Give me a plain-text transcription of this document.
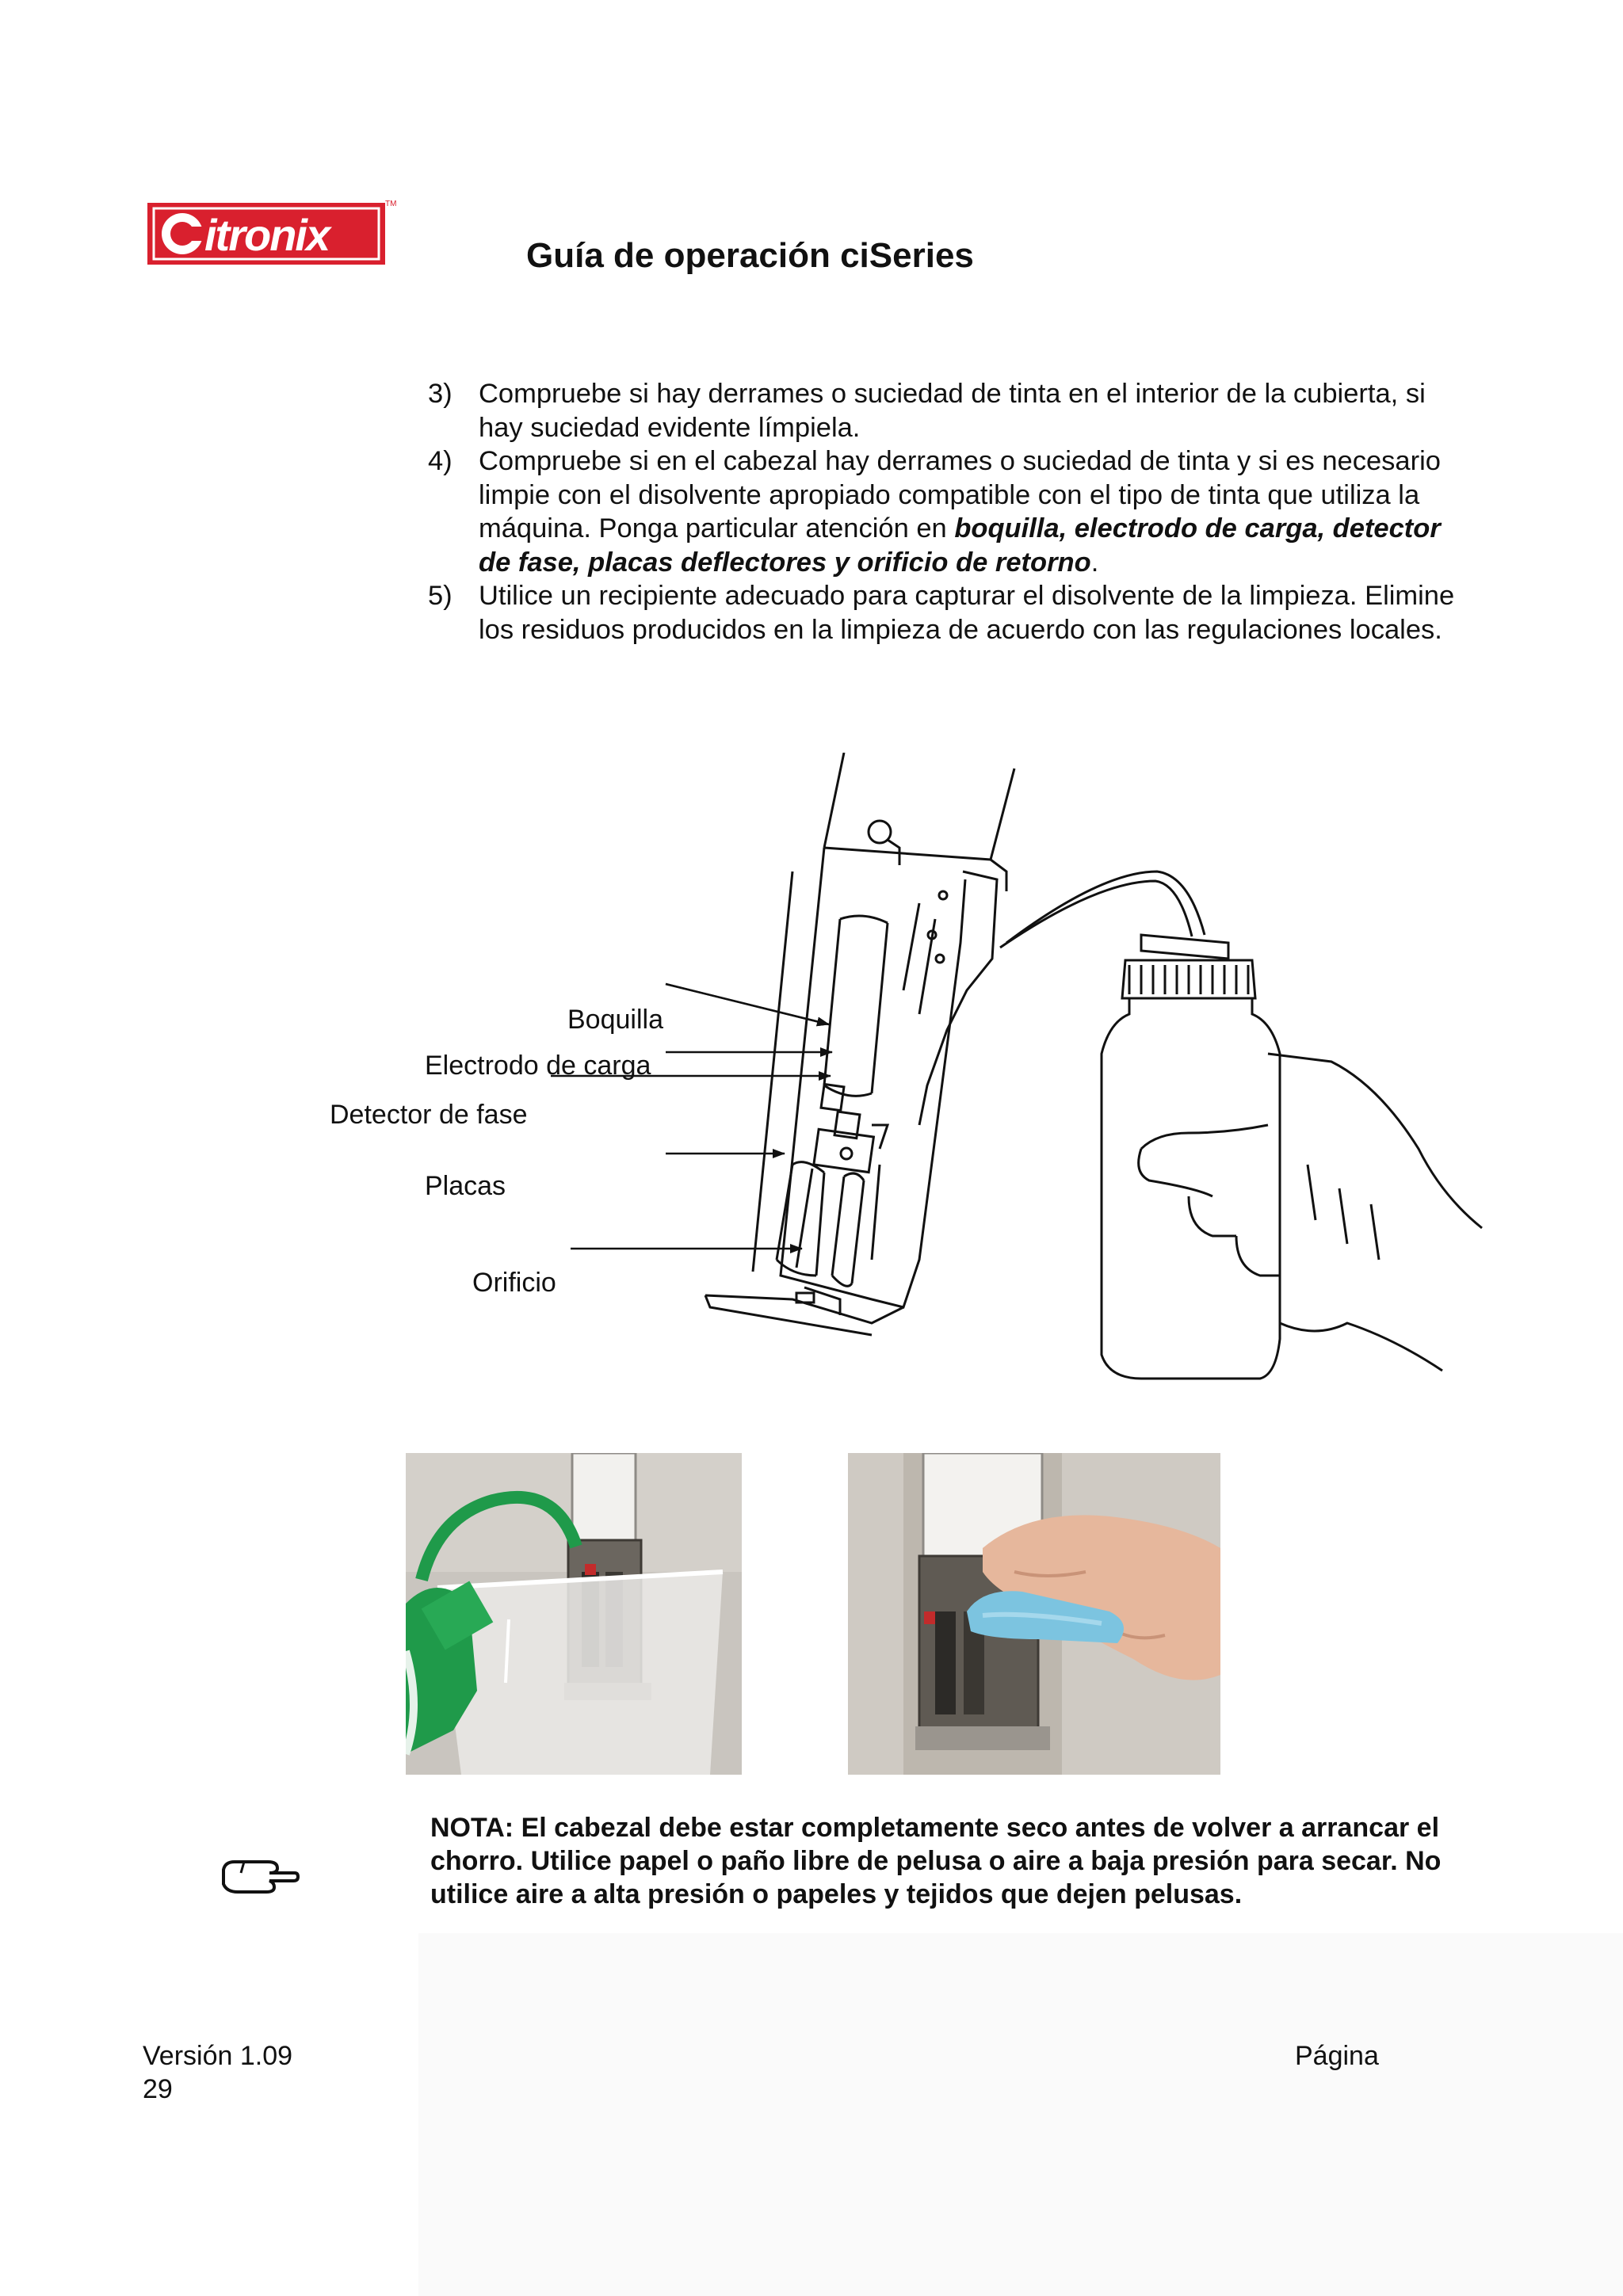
itronix
TM
Guía de operación ciSeries
3) Compruebe si hay derrames o suciedad de tinta en el interior de la cubierta, si hay suciedad evidente límpiela.
4) Compruebe si en el cabezal hay derrames o suciedad de tinta y si es necesario limpie con el disolvente apropiado compatible con el tipo de tinta que utiliza la máquina. Ponga particular atención en boquilla, electrodo de carga, detector de fase, placas deflectores y orificio de retorno.
5) Utilice un recipiente adecuado para capturar el disolvente de la limpieza. Elimine los residuos producidos en la limpieza de acuerdo con las regulaciones locales.
Boquilla
Electrodo de carga
Detector de fase
Placas
Orificio
NOTA: El cabezal debe estar completamente seco antes de volver a arrancar el chorro. Utilice papel o paño libre de pelusa o aire a baja presión para secar. No utilice aire a alta presión o papeles y tejidos que dejen pelusas.
Versión 1.09
29
Página
